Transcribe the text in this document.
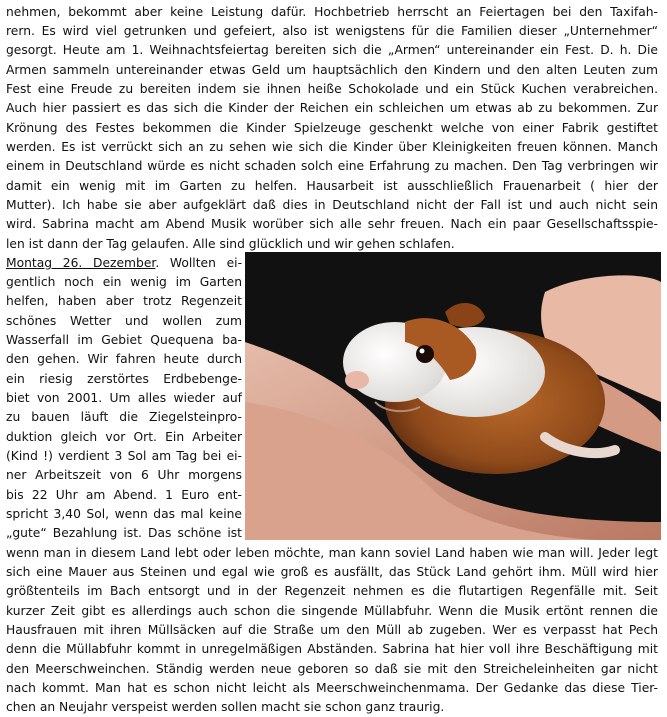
nehmen, bekommt aber keine Leistung dafür. Hochbetrieb herrscht an Feiertagen bei den Taxifah-
rern. Es wird viel getrunken und gefeiert, also ist wenigstens für die Familien dieser „Unternehmer“
gesorgt. Heute am 1. Weihnachtsfeiertag bereiten sich die „Armen“ untereinander ein Fest. D. h. Die
Armen sammeln untereinander etwas Geld um hauptsächlich den Kindern und den alten Leuten zum
Fest eine Freude zu bereiten indem sie ihnen heiße Schokolade und ein Stück Kuchen verabreichen.
Auch hier passiert es das sich die Kinder der Reichen ein schleichen um etwas ab zu bekommen. Zur
Krönung des Festes bekommen die Kinder Spielzeuge geschenkt welche von einer Fabrik gestiftet
werden. Es ist verrückt sich an zu sehen wie sich die Kinder über Kleinigkeiten freuen können. Manch
einem in Deutschland würde es nicht schaden solch eine Erfahrung zu machen. Den Tag verbringen wir
damit ein wenig mit im Garten zu helfen. Hausarbeit ist ausschließlich Frauenarbeit ( hier der
Mutter). Ich habe sie aber aufgeklärt daß dies in Deutschland nicht der Fall ist und auch nicht sein
wird. Sabrina macht am Abend Musik worüber sich alle sehr freuen. Nach ein paar Gesellschaftsspie-
len ist dann der Tag gelaufen. Alle sind glücklich und wir gehen schlafen.
Montag 26. Dezember. Wollten ei-
gentlich noch ein wenig im Garten
helfen, haben aber trotz Regenzeit
schönes Wetter und wollen zum
Wasserfall im Gebiet Quequena ba-
den gehen. Wir fahren heute durch
ein riesig zerstörtes Erdbebenge-
biet von 2001. Um alles wieder auf
zu bauen läuft die Ziegelsteinpro-
duktion gleich vor Ort. Ein Arbeiter
(Kind !) verdient 3 Sol am Tag bei ei-
ner Arbeitszeit von 6 Uhr morgens
bis 22 Uhr am Abend. 1 Euro ent-
spricht 3,40 Sol, wenn das mal keine
„gute“ Bezahlung ist. Das schöne ist
wenn man in diesem Land lebt oder leben möchte, man kann soviel Land haben wie man will. Jeder legt
sich eine Mauer aus Steinen und egal wie groß es ausfällt, das Stück Land gehört ihm. Müll wird hier
größtenteils im Bach entsorgt und in der Regenzeit nehmen es die flutartigen Regenfälle mit. Seit
kurzer Zeit gibt es allerdings auch schon die singende Müllabfuhr. Wenn die Musik ertönt rennen die
Hausfrauen mit ihren Müllsäcken auf die Straße um den Müll ab zugeben. Wer es verpasst hat Pech
denn die Müllabfuhr kommt in unregelmäßigen Abständen. Sabrina hat hier voll ihre Beschäftigung mit
den Meerschweinchen. Ständig werden neue geboren so daß sie mit den Streicheleinheiten gar nicht
nach kommt. Man hat es schon nicht leicht als Meerschweinchenmama. Der Gedanke das diese Tier-
chen an Neujahr verspeist werden sollen macht sie schon ganz traurig.
